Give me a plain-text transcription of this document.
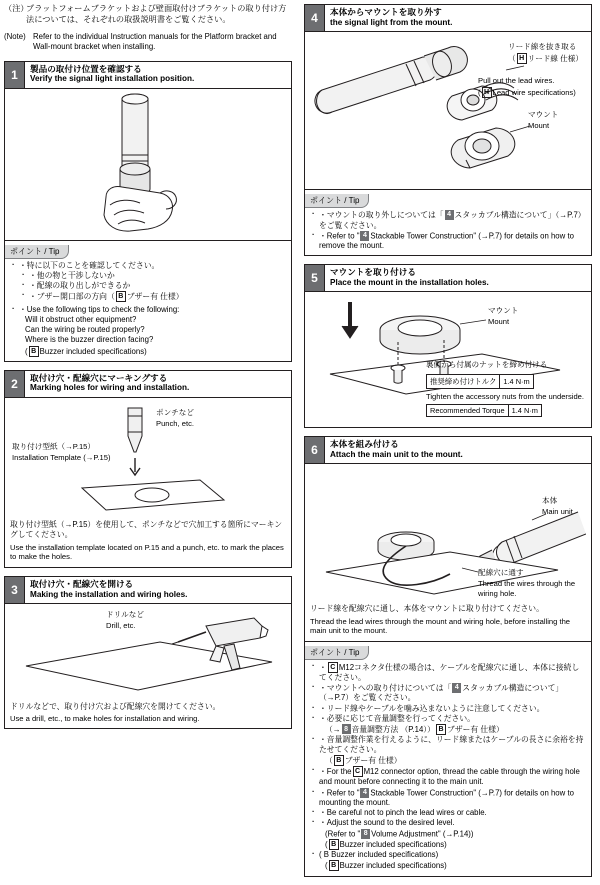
（注）
プラットフォームブラケットおよび壁面取付けブラケットの取り付け方法については、それぞれの取扱説明書をご覧ください。
(Note) Refer to the individual Instruction manuals for the Platform bracket and Wall-mount bracket when installing.
1	製品の取付け位置を確認する
Verify the signal light installation position.
ポイント / Tip
· ・特に以下のことを確認してください。
· ・他の物と干渉しないか
· ・配線の取り出しができるか
· ・ブザー開口部の方向（ B ブザー有 仕様）
· ・Use the following tips to check the following:
Will it obstruct other equipment?
Can the wiring be routed properly?
Where is the buzzer direction facing?
( B Buzzer included specifications)
2	取付け穴・配線穴にマーキングする
Marking holes for wiring and installation.
ポンチなど
Punch, etc.
取り付け型紙（→P.15）
Installation Template (→P.15)
取り付け型紙（→P.15）を使用して、ポンチなどで穴加工する箇所にマーキングしてください。
Use the installation template located on P.15 and a punch, etc. to mark the places to make the holes.
3	取付け穴・配線穴を開ける
Making the installation and wiring holes.
ドリルなど
Drill, etc.
ドリルなどで、取り付け穴および配線穴を開けてください。
Use a drill, etc., to make holes for installation and wiring.
4	本体からマウントを取り外す
the signal light from the mount.
リード線を抜き取る
（ H リード線 仕様）
Pull out the lead wires.
( H Lead wire specifications)
マウント
Mount
ポイント / Tip
· ・マウントの取り外しについては「 4 スタッカブル構造について」（→P.7）をご覧ください。
· ・Refer to " 4 Stackable Tower Construction" (→P.7) for details on how to remove the mount.
5	マウントを取り付ける
Place the mount in the installation holes.
マウント
Mount
裏側から付属のナットを締め付ける
推奨締め付けトルク	1.4 N·m
Tighten the accessory nuts from the underside.
Recommended Torque	1.4 N·m
6	本体を組み付ける
Attach the main unit to the mount.
本体
Main unit
配線穴に通す
Thread the wires through the wiring hole.
リード線を配線穴に通し、本体をマウントに取り付けてください。
Thread the lead wires through the mount and wiring hole, before installing the main unit to the mount.
ポイント / Tip
· ・ C M12コネクタ仕様の場合は、ケーブルを配線穴に通し、本体に接続してください。
· ・マウントへの取り付けについては「 4 スタッカブル構造について」（→P.7）をご覧ください。
· ・リード線やケーブルを噛み込まないように注意してください。
· ・必要に応じて音量調整を行ってください。
（→ 8 音量調整方法 （P.14）） B ブザー有 仕様）
· ・音量調整作業を行えるように、リード線またはケーブルの長さに余裕を持たせてください。
（ B ブザー有 仕様）
· ・For the C M12 connector option, thread the cable through the wiring hole and mount before connecting it to the main unit.
· ・Refer to " 4 Stackable Tower Construction" (→P.7) for details on how to mounting the mount.
· ・Be careful not to pinch the lead wires or cable.
· ・Adjust the sound to the desired level.
(Refer to " 8 Volume Adjustment" (→P.14))
( B Buzzer included specifications)
· ( B Buzzer included specifications)
( B Buzzer included specifications)
